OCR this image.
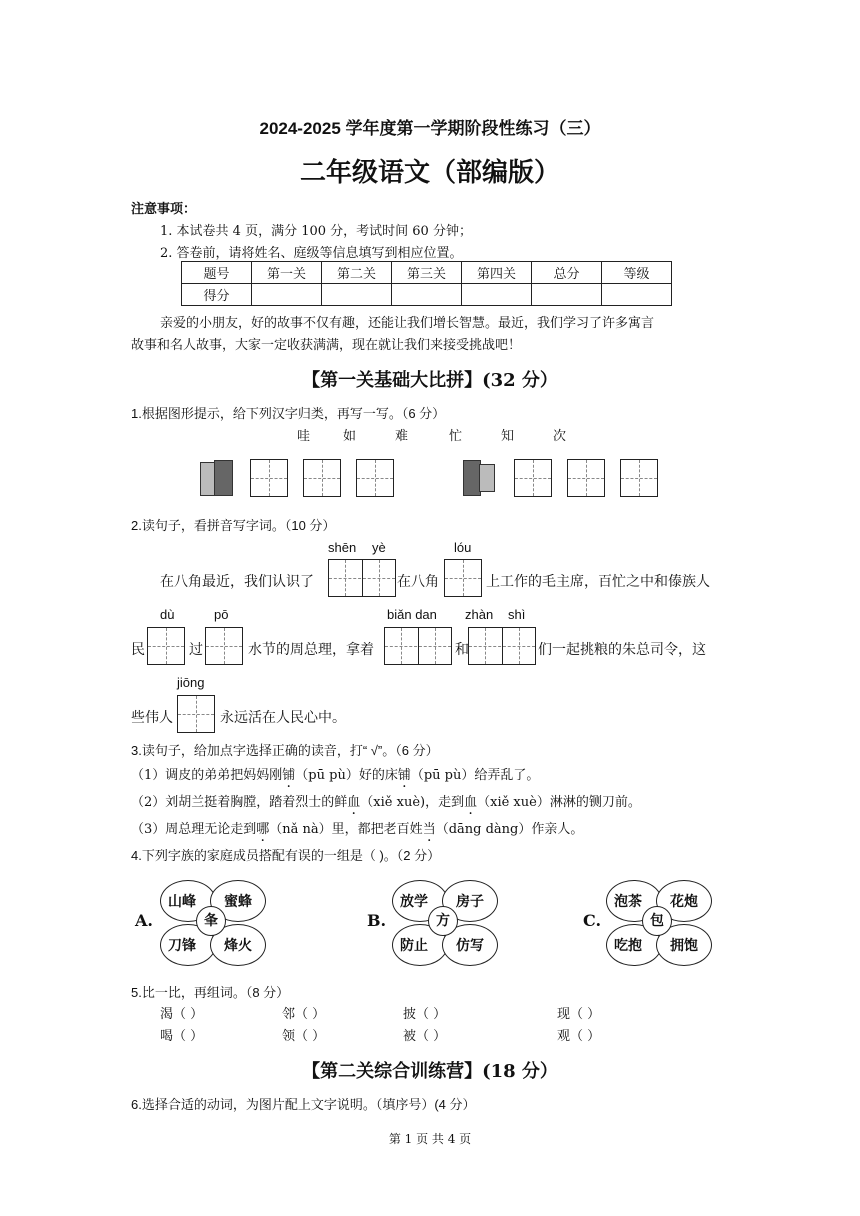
2024-2025 学年度第一学期阶段性练习（三）
二年级语文（部编版）
注意事项：
1. 本试卷共 4 页，满分 100 分，考试时间 60 分钟；
2. 答卷前，请将姓名、庭级等信息填写到相应位置。
题号	第一关	第二关	第三关	第四关	总分	等级
得分						
亲爱的小朋友，好的故事不仅有趣，还能让我们增长智慧。最近，我们学习了许多寓言
故事和名人故事，大家一定收获满满，现在就让我们来接受挑战吧！
【第一关基础大比拼】(32 分）
1.根据图形提示，给下列汉字归类，再写一写。（6 分）
哇	如	难	忙	知	次
2.读句子，看拼音写字词。（10 分）
shēn yè	lóu
在八角最近，我们认识了	在八角	上工作的毛主席，百忙之中和傣族人
dù	pō	biǎn dan zhàn shì
民	过	水节的周总理，拿着	和	们一起挑粮的朱总司令，这
jiōng
些伟人	永远活在人民心中。
3.读句子，给加点字选择正确的读音，打“ √”。（6 分）
（1）调皮的弟弟把妈妈刚铺（pū pù）好的床铺（pū pù）给弄乱了。
（2）刘胡兰挺着胸膛，踏着烈士的鲜血（xiě xuè)，走到血（xiě xuè）淋淋的铡刀前。
（3）周总理无论走到哪（nǎ nà）里，都把老百姓当（dāng dàng）作亲人。
4.下列字族的家庭成员搭配有误的一组是（ )。（2 分）
A.
山峰 蜜蜂
刀锋 烽火
夆	B.
放学 房子
防止 仿写
方	C.
泡茶 花炮
吃抱 拥饱
包
5.比一比，再组词。（8 分）
渴（ ）	邻（ ）	披（ ）	现（ ）
喝（ ）	领（ ）	被（ ）	观（ ）
【第二关综合训练营】(18 分）
6.选择合适的动词，为图片配上文字说明。（填序号）(4 分）
第 1 页 共 4 页
